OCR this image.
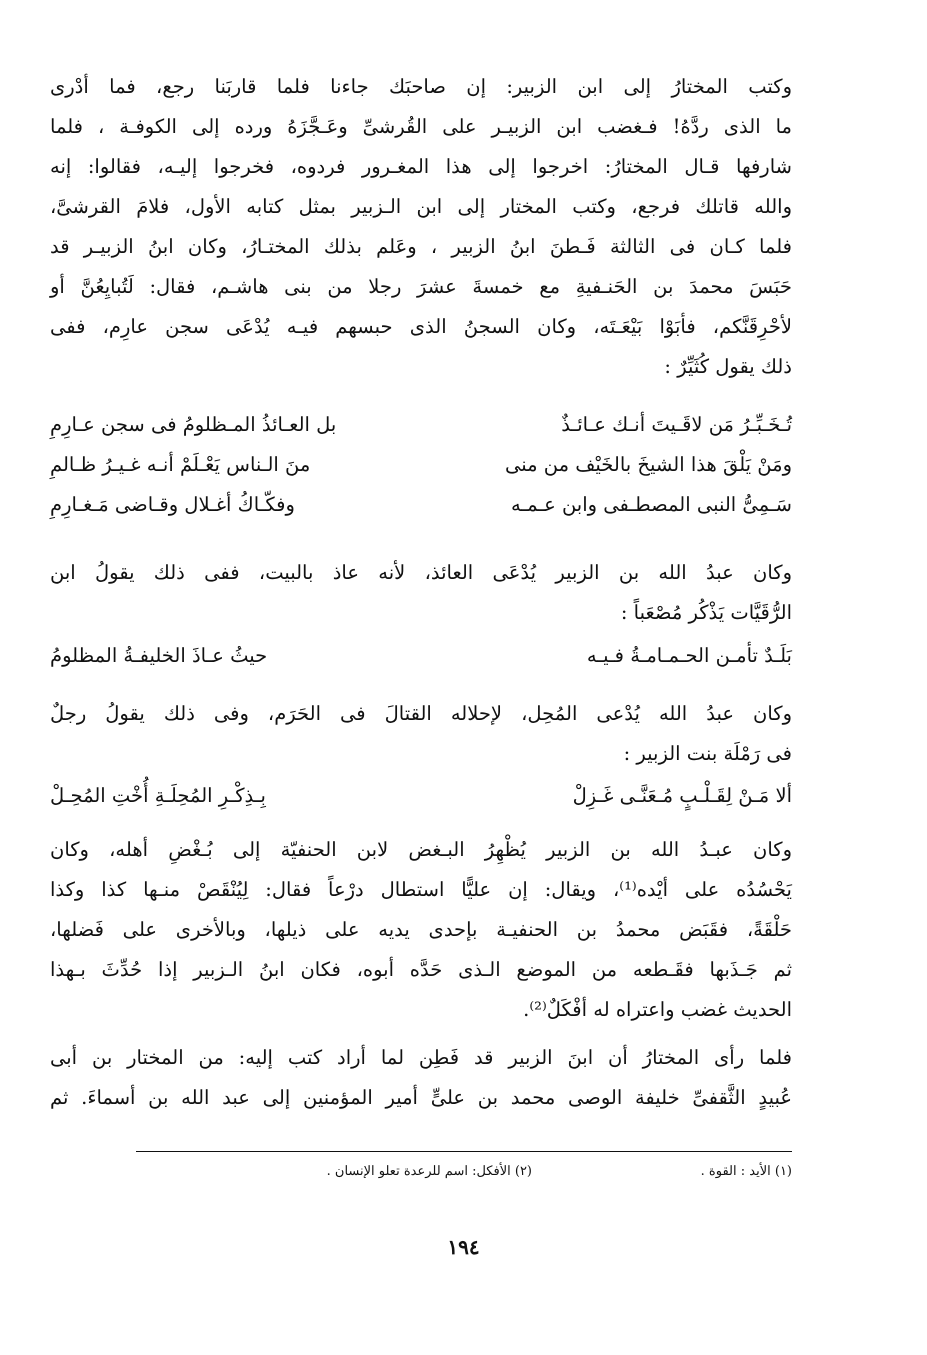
وكتب المختارُ إلى ابن الزبير: إن صاحبَك جاءنا فلما قاربَنا رجع، فما أدْرى

ما الذى ردَّهُ! فـغضب ابن الزبيـر على القُرشىِّ وعَـجَّزَهُ ورده إلى الكوفـة ، فلما

شارفها قـال المختارُ: اخرجوا إلى هذا المغـرور فردوه، فخرجوا إليـه، فقالوا: إنه

والله قاتلك فرجع، وكتب المختار إلى ابن الـزبير بمثل كتابه الأول، فلامَ القرشىَّ،

فلما كـان فى الثالثة فَـطنَ ابنُ الزبير ، وعَلم بذلك المختـارُ، وكان ابنُ الزبيـر قد

حَبَسَ محمدَ بن الحَنـفيةِ مع خمسةَ عشرَ رجلا من بنى هاشـم، فقال: لَتُبايِعُنَّ أو

لأحْرِقَنَّكم، فأبَوْا بَيْعَـتَه، وكان السجنُ الذى حبسهم فيـه يُدْعَى سجن عارِم، ففى

ذلك يقول كُثَيِّرٌ :

تُـخَـبِّـرُ مَن لاقَـيتَ أنـك عـائـذٌ
بل العـائذُ المـظلومُ فى سجن عـارِمِ
ومَنْ يَلْقَ هذا الشيخَ بالخَيْف من منى
منَ الـناس يَعْـلَمْ أنـه غـيـرُ ظـالمِ
سَـمِىُّ النبى المصطـفى وابن عـمـه
وفكّـاكُ أغـلال وقـاضى مَـغـارِمِ

وكان عبدُ الله بن الزبير يُدْعَى العائذ، لأنه عاذ بالبيت، ففى ذلك يقولُ ابن

الرُّقَيَّات يَذْكُر مُصْعَباً :

بَلَـدٌ تأمـن الحـمـامـةُ فـيـه
حيثُ عـاذَ الخليفـةُ المظلومُ

وكان عبدُ الله يُدْعى المُحِل، لإحلاله القتالَ فى الحَرَم، وفى ذلك يقولُ رجلٌ

فى رَمْلَة بنت الزبير :

ألا مَـنْ لِقَـلْـبٍ مُـعَنَّـى غَـزِلْ
بِـذِكْـرِ المُحِلَـةِ أُخْتِ المُحِـلْ

وكان عبـدُ الله بن الزبير يُظْهِرُ البـغض لابن الحنفيّة إلى بُـغْضِ أهله، وكان

يَحْسُدُه على أيْده⁽¹⁾، ويقال: إن عليًّا استطال درْعاً فقال: لِيُنْقَصْ منـها كذا وكذا

حَلْقَةً، فقَبَض محمدُ بن الحنفيـة بإحدى يديه على ذيلها، وبالأخرى على فَضلها،

ثم جَـذَبها فقَـطعه من الموضع الـذى حَدَّه أبوه، فكان ابنُ الـزبير إذا حُدِّثَ بـهذا

الحديث غضب واعتراه له أفْكَلٌ⁽²⁾.

فلما رأى المختارُ أن ابنَ الزبير قد فَطِن لما أراد كتب إليه: من المختار بن أبى

عُبيدٍ الثَّقفىِّ خليفة الوصى محمد بن علىٍّ أمير المؤمنين إلى عبد الله بن أسماءَ. ثم

(١) الأيد : القوة .
(٢) الأفكل: اسم للرعدة تعلو الإنسان .
١٩٤
